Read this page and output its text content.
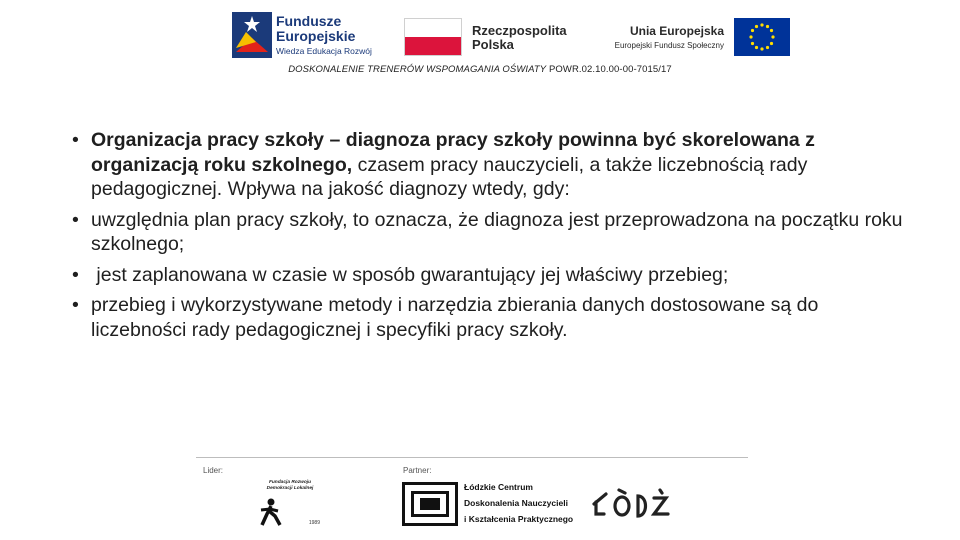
Fundusze
Europejskie
Wiedza Edukacja Rozwój
Rzeczpospolita
Polska
Unia Europejska
Europejski Fundusz Społeczny
DOSKONALENIE TRENERÓW WSPOMAGANIA OŚWIATY POWR.02.10.00-00-7015/17
• Organizacja pracy szkoły – diagnoza pracy szkoły powinna być skorelowana z organizacją roku szkolnego, czasem pracy nauczycieli, a także liczebnością rady pedagogicznej. Wpływa na jakość diagnozy wtedy, gdy:
• uwzględnia plan pracy szkoły, to oznacza, że diagnoza jest przeprowadzona na początku roku szkolnego;
• jest zaplanowana w czasie w sposób gwarantujący jej właściwy przebieg;
• przebieg i wykorzystywane metody i narzędzia zbierania danych dostosowane są do liczebności rady pedagogicznej i specyfiki pracy szkoły.
Lider:	Partner:
Fundacja Rozwoju Demokracji Lokalnej
1989
Łódzkie Centrum
Doskonalenia Nauczycieli
i Kształcenia Praktycznego
